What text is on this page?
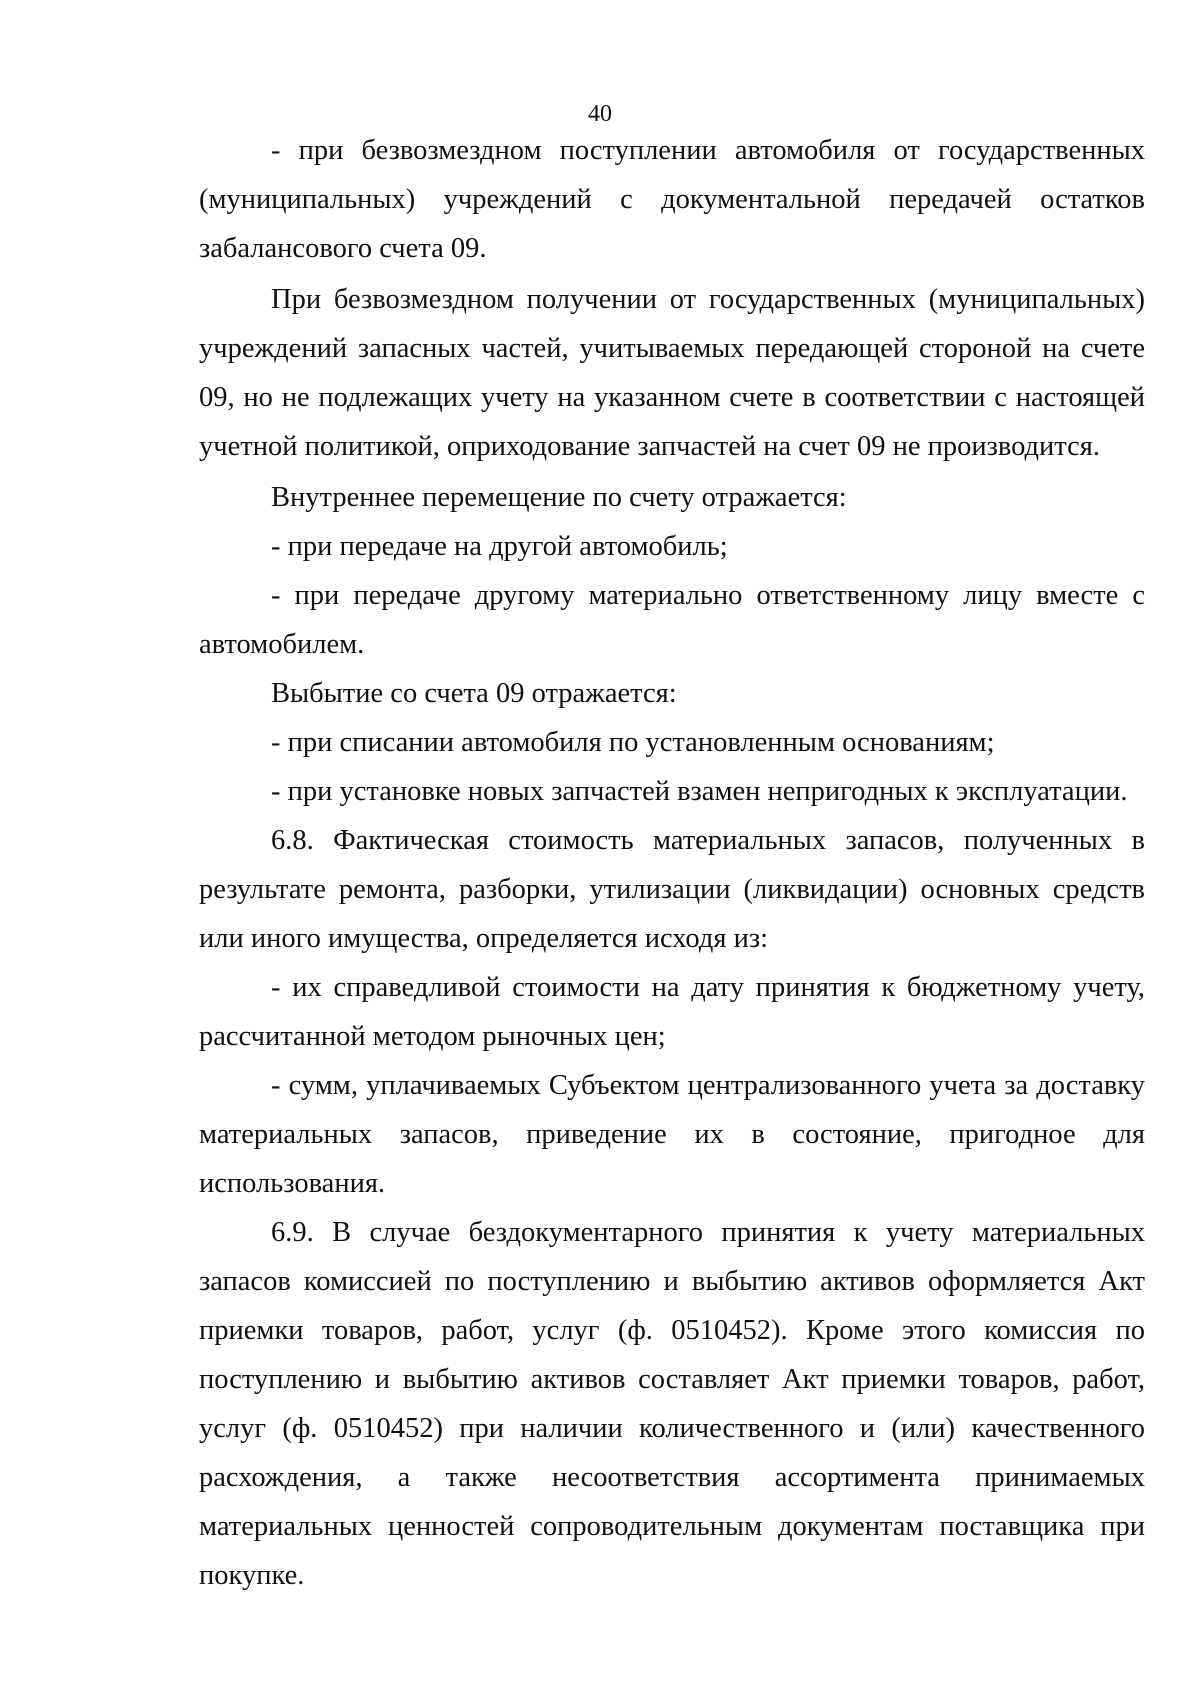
40

- при безвозмездном поступлении автомобиля от государственных (муниципальных) учреждений с документальной передачей остатков забалансового счета 09.

При безвозмездном получении от государственных (муниципальных) учреждений запасных частей, учитываемых передающей стороной на счете 09, но не подлежащих учету на указанном счете в соответствии с настоящей учетной политикой, оприходование запчастей на счет 09 не производится.

Внутреннее перемещение по счету отражается:

- при передаче на другой автомобиль;

- при передаче другому материально ответственному лицу вместе с автомобилем.

Выбытие со счета 09 отражается:

- при списании автомобиля по установленным основаниям;

- при установке новых запчастей взамен непригодных к эксплуатации.

6.8. Фактическая стоимость материальных запасов, полученных в результате ремонта, разборки, утилизации (ликвидации) основных средств или иного имущества, определяется исходя из:

- их справедливой стоимости на дату принятия к бюджетному учету, рассчитанной методом рыночных цен;

- сумм, уплачиваемых Субъектом централизованного учета за доставку материальных запасов, приведение их в состояние, пригодное для использования.

6.9. В случае бездокументарного принятия к учету материальных запасов комиссией по поступлению и выбытию активов оформляется Акт приемки товаров, работ, услуг (ф. 0510452). Кроме этого комиссия по поступлению и выбытию активов составляет Акт приемки товаров, работ, услуг (ф. 0510452) при наличии количественного и (или) качественного расхождения, а также несоответствия ассортимента принимаемых материальных ценностей сопроводительным документам поставщика при покупке.
